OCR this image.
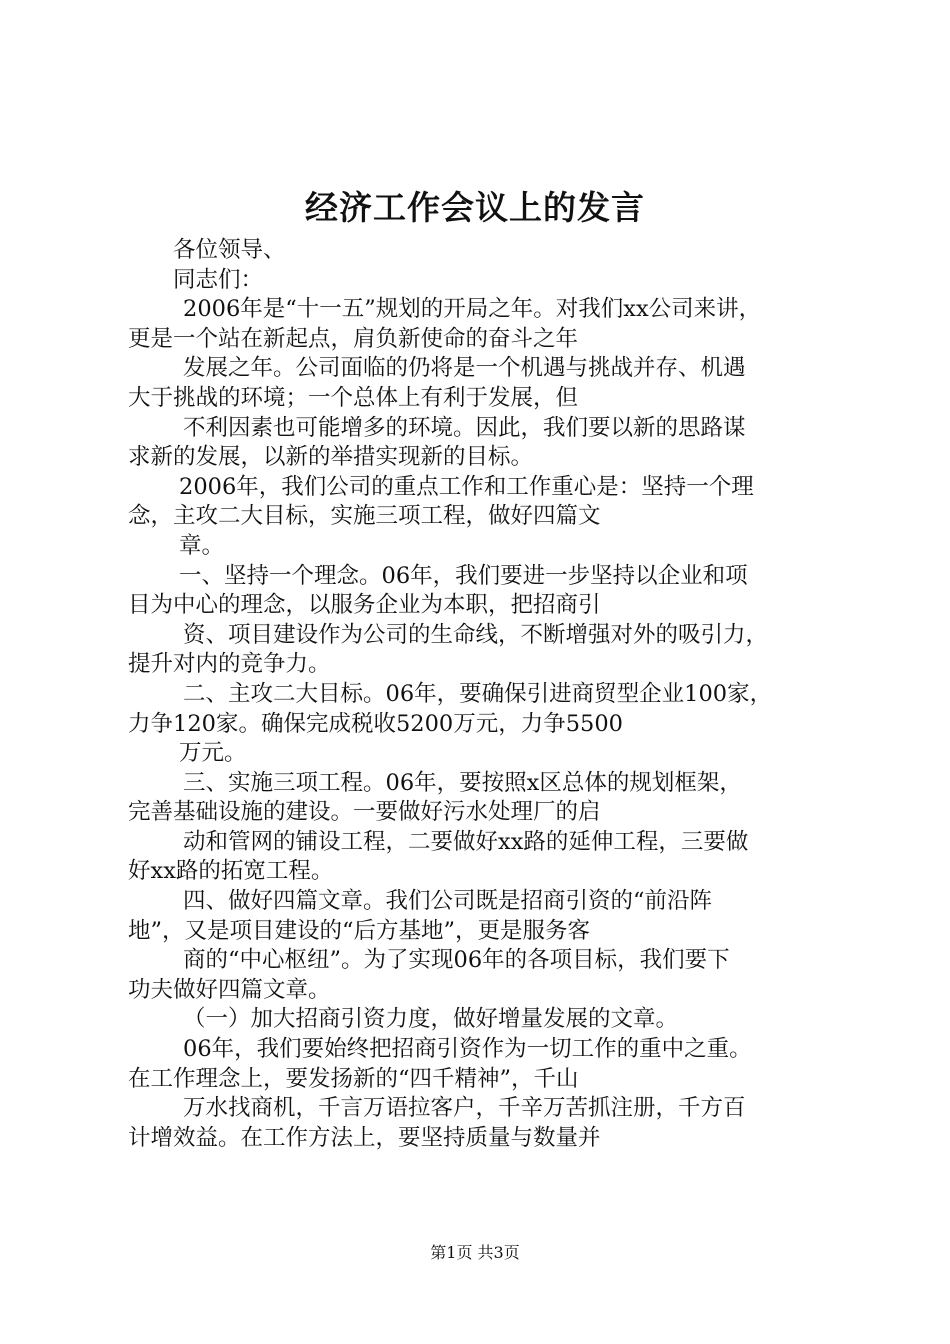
经济工作会议上的发言
各位领导、
同志们：
2006年是“十一五”规划的开局之年。对我们xx公司来讲，
更是一个站在新起点，肩负新使命的奋斗之年
发展之年。公司面临的仍将是一个机遇与挑战并存、机遇
大于挑战的环境；一个总体上有利于发展，但
不利因素也可能增多的环境。因此，我们要以新的思路谋
求新的发展，以新的举措实现新的目标。
2006年，我们公司的重点工作和工作重心是：坚持一个理
念，主攻二大目标，实施三项工程，做好四篇文
章。
一、坚持一个理念。06年，我们要进一步坚持以企业和项
目为中心的理念，以服务企业为本职，把招商引
资、项目建设作为公司的生命线，不断增强对外的吸引力，
提升对内的竞争力。
二、主攻二大目标。06年，要确保引进商贸型企业100家，
力争120家。确保完成税收5200万元，力争5500
万元。
三、实施三项工程。06年，要按照x区总体的规划框架，
完善基础设施的建设。一要做好污水处理厂的启
动和管网的铺设工程，二要做好xx路的延伸工程，三要做
好xx路的拓宽工程。
四、做好四篇文章。我们公司既是招商引资的“前沿阵
地”，又是项目建设的“后方基地”，更是服务客
商的“中心枢纽”。为了实现06年的各项目标，我们要下
功夫做好四篇文章。
（一）加大招商引资力度，做好增量发展的文章。
06年，我们要始终把招商引资作为一切工作的重中之重。
在工作理念上，要发扬新的“四千精神”，千山
万水找商机，千言万语拉客户，千辛万苦抓注册，千方百
计增效益。在工作方法上，要坚持质量与数量并
第1页 共3页
